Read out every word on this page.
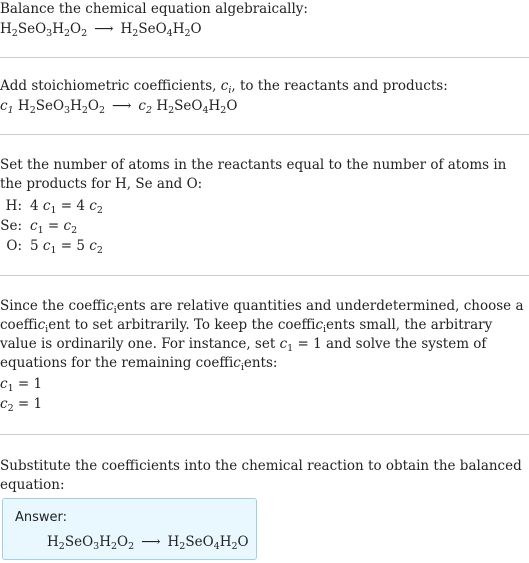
Balance the chemical equation algebraically:
$H_2SeO_3H_2O_2$ ⟶ $H_2SeO_4H_2O$
Add stoichiometric coefficients, $c_i$, to the reactants and products:
$c_1$ $H_2SeO_3H_2O_2$ ⟶ $c_2$ $H_2SeO_4H_2O$
Set the number of atoms in the reactants equal to the number of atoms in the products for H, Se and O:
H: 4 $c_1 = 4$ $c_2$
Se: $c_1 = c_2$
O: 5 $c_1 = 5$ $c_2$
Since the coeffic$_i$ents are relative quantities and underdetermined, choose a coeffic$_i$ent to set arbitrarily. To keep the coeffic$_i$ents small, the arbitrary value is ordinarily one. For instance, set $c_1 = 1$ and solve the system of equations for the remaining coeffic$_i$ents:
$c_1 = 1$
$c_2 = 1$
Substitute the coefficients into the chemical reaction to obtain the balanced equation:
Answer:
$H_2SeO_3H_2O_2$ ⟶ $H_2SeO_4H_2O$
